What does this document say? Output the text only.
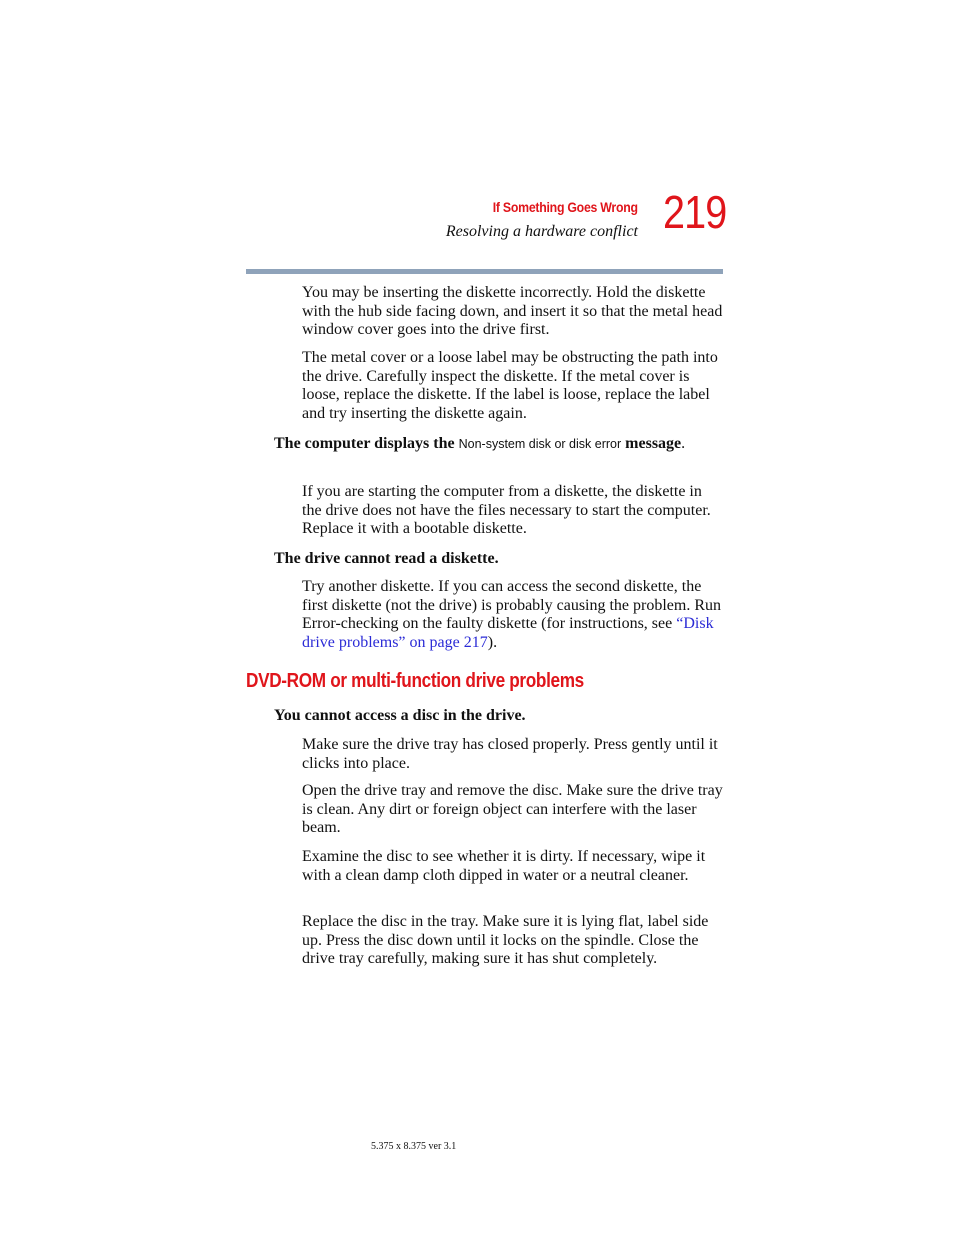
If Something Goes Wrong
Resolving a hardware conflict 219

You may be inserting the diskette incorrectly. Hold the diskette with the hub side facing down, and insert it so that the metal head window cover goes into the drive first.

The metal cover or a loose label may be obstructing the path into the drive. Carefully inspect the diskette. If the metal cover is loose, replace the diskette. If the label is loose, replace the label and try inserting the diskette again.

The computer displays the Non-system disk or disk error message.

If you are starting the computer from a diskette, the diskette in the drive does not have the files necessary to start the computer. Replace it with a bootable diskette.

The drive cannot read a diskette.

Try another diskette. If you can access the second diskette, the first diskette (not the drive) is probably causing the problem. Run Error-checking on the faulty diskette (for instructions, see “Disk drive problems” on page 217).

DVD-ROM or multi-function drive problems

You cannot access a disc in the drive.

Make sure the drive tray has closed properly. Press gently until it clicks into place.

Open the drive tray and remove the disc. Make sure the drive tray is clean. Any dirt or foreign object can interfere with the laser beam.

Examine the disc to see whether it is dirty. If necessary, wipe it with a clean damp cloth dipped in water or a neutral cleaner.

Replace the disc in the tray. Make sure it is lying flat, label side up. Press the disc down until it locks on the spindle. Close the drive tray carefully, making sure it has shut completely.

5.375 x 8.375 ver 3.1
